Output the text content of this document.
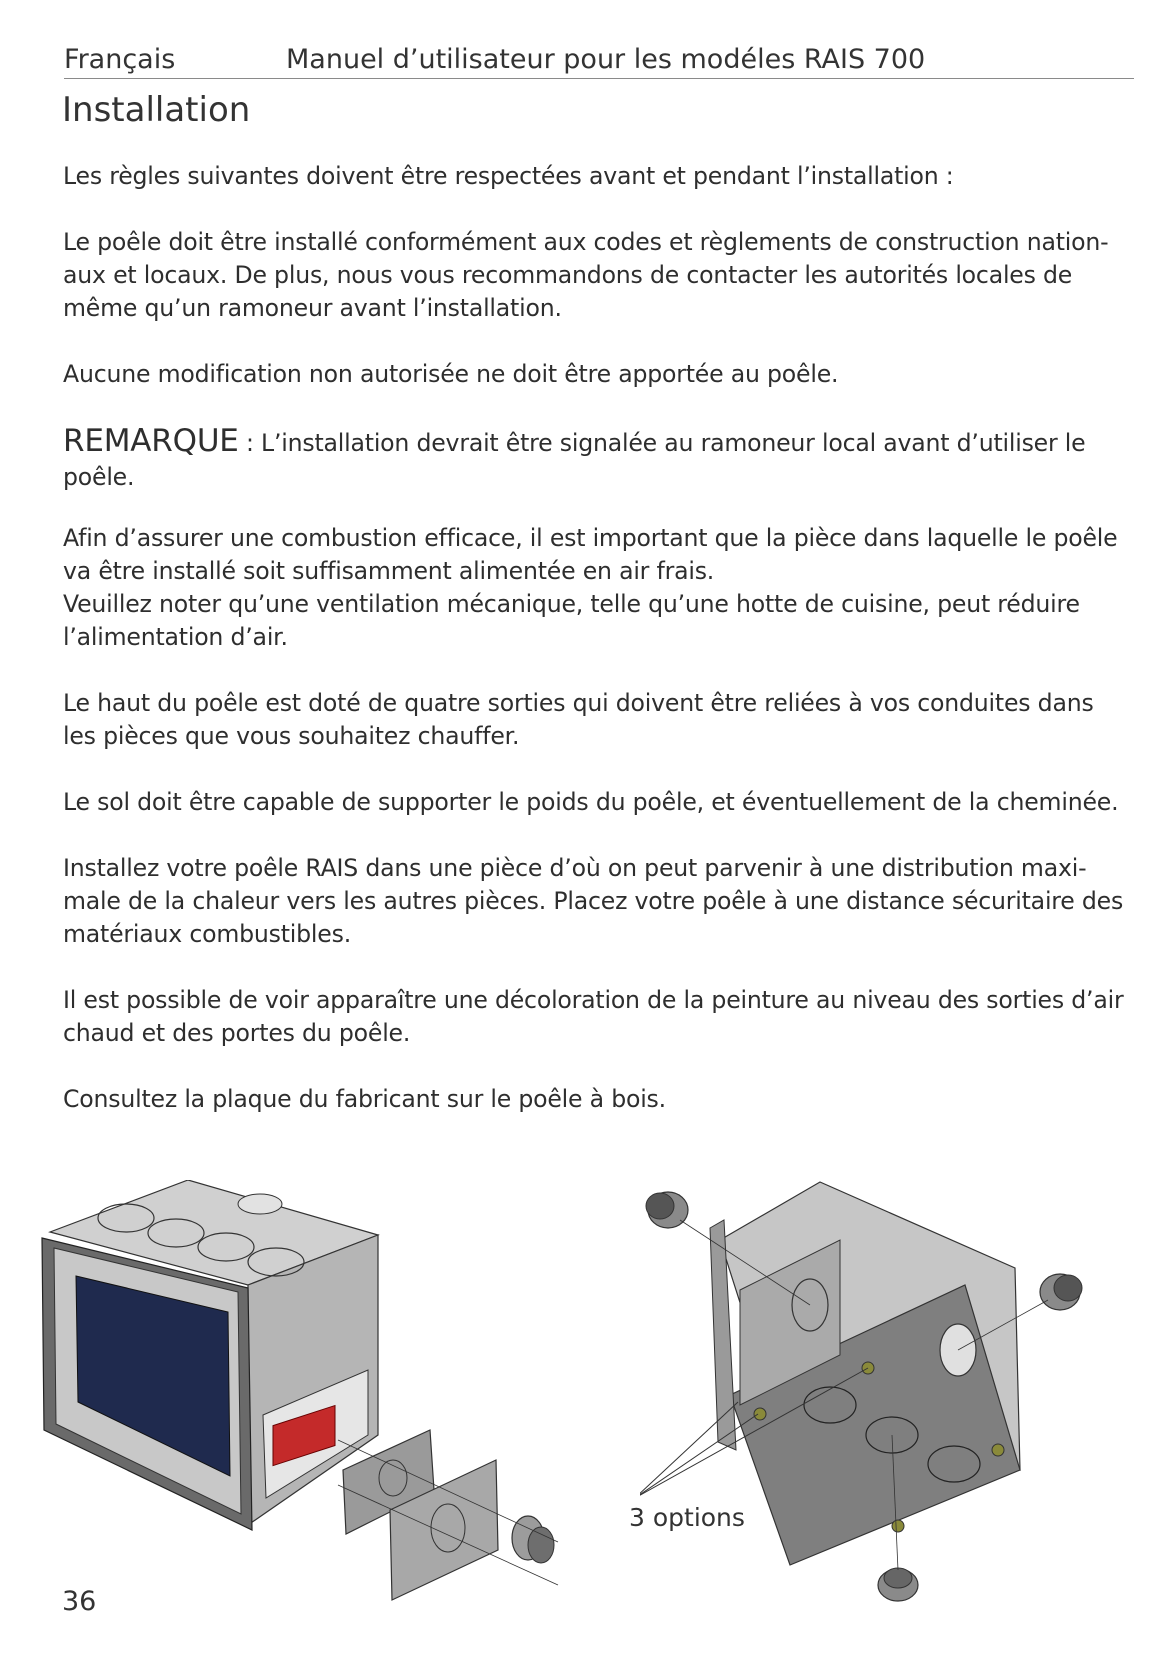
Français	Manuel d’utilisateur pour les modéles RAIS 700
Installation

Les règles suivantes doivent être respectées avant et pendant l’installation :

Le poêle doit être installé conformément aux codes et règlements de construction nation-
aux et locaux. De plus, nous vous recommandons de contacter les autorités locales de
même qu’un ramoneur avant l’installation.

Aucune modification non autorisée ne doit être apportée au poêle.

REMARQUE : L’installation devrait être signalée au ramoneur local avant d’utiliser le poêle.

Afin d’assurer une combustion efficace, il est important que la pièce dans laquelle le poêle
va être installé soit suffisamment alimentée en air frais.
Veuillez noter qu’une ventilation mécanique, telle qu’une hotte de cuisine, peut réduire
l’alimentation d’air.

Le haut du poêle est doté de quatre sorties qui doivent être reliées à vos conduites dans
les pièces que vous souhaitez chauffer.

Le sol doit être capable de supporter le poids du poêle, et éventuellement de la cheminée.

Installez votre poêle RAIS dans une pièce d’où on peut parvenir à une distribution maxi-
male de la chaleur vers les autres pièces. Placez votre poêle à une distance sécuritaire des
matériaux combustibles.

Il est possible de voir apparaître une décoloration de la peinture au niveau des sorties d’air
chaud et des portes du poêle.

Consultez la plaque du fabricant sur le poêle à bois.

3 options
36
